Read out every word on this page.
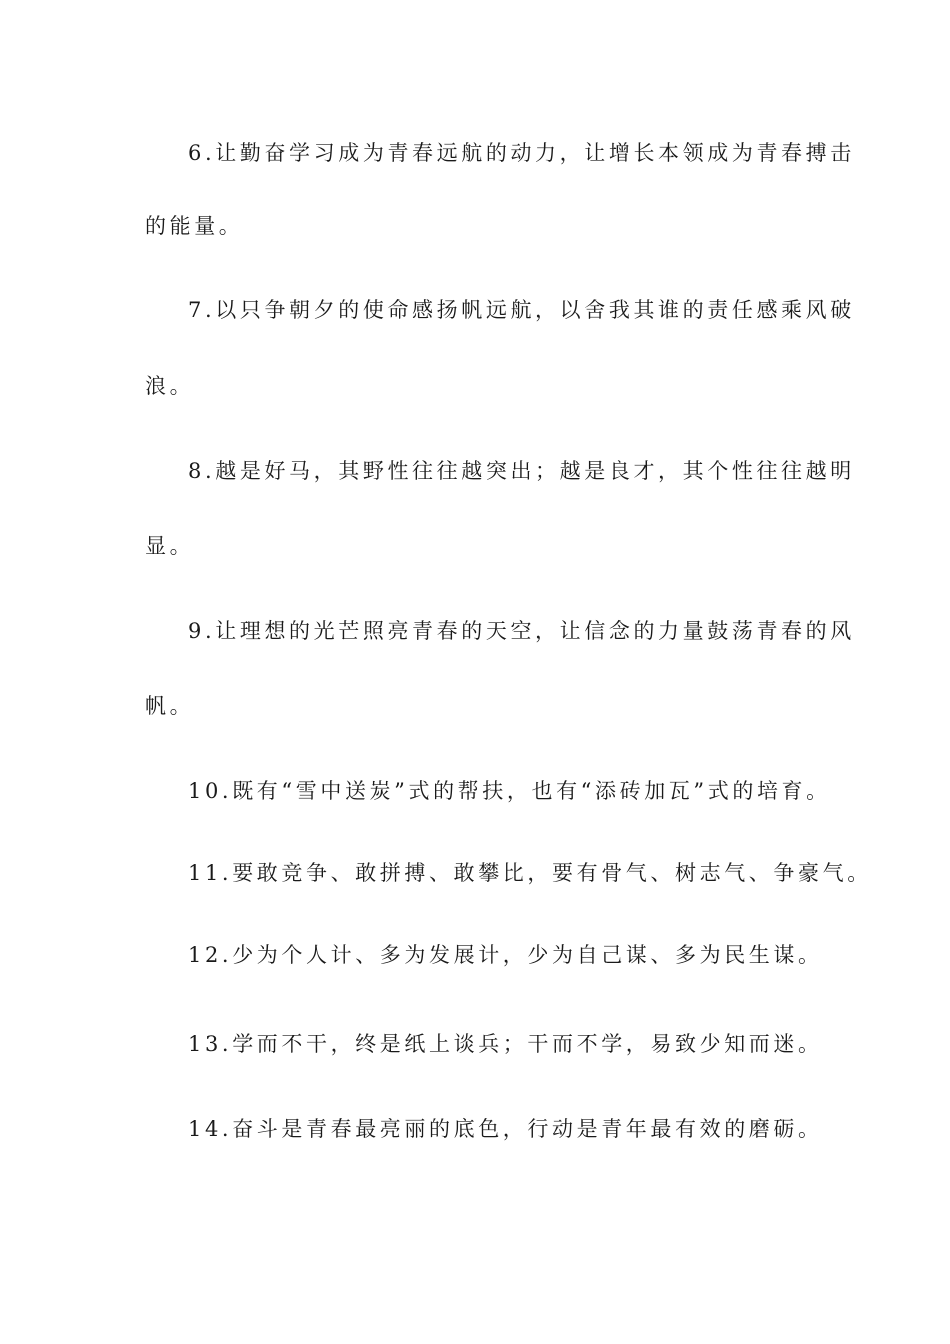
6.让勤奋学习成为青春远航的动力，让增长本领成为青春搏击
的能量。
7.以只争朝夕的使命感扬帆远航，以舍我其谁的责任感乘风破
浪。
8.越是好马，其野性往往越突出；越是良才，其个性往往越明
显。
9.让理想的光芒照亮青春的天空，让信念的力量鼓荡青春的风
帆。
10.既有“雪中送炭”式的帮扶，也有“添砖加瓦”式的培育。
11.要敢竞争、敢拼搏、敢攀比，要有骨气、树志气、争豪气。
12.少为个人计、多为发展计，少为自己谋、多为民生谋。
13.学而不干，终是纸上谈兵；干而不学，易致少知而迷。
14.奋斗是青春最亮丽的底色，行动是青年最有效的磨砺。
